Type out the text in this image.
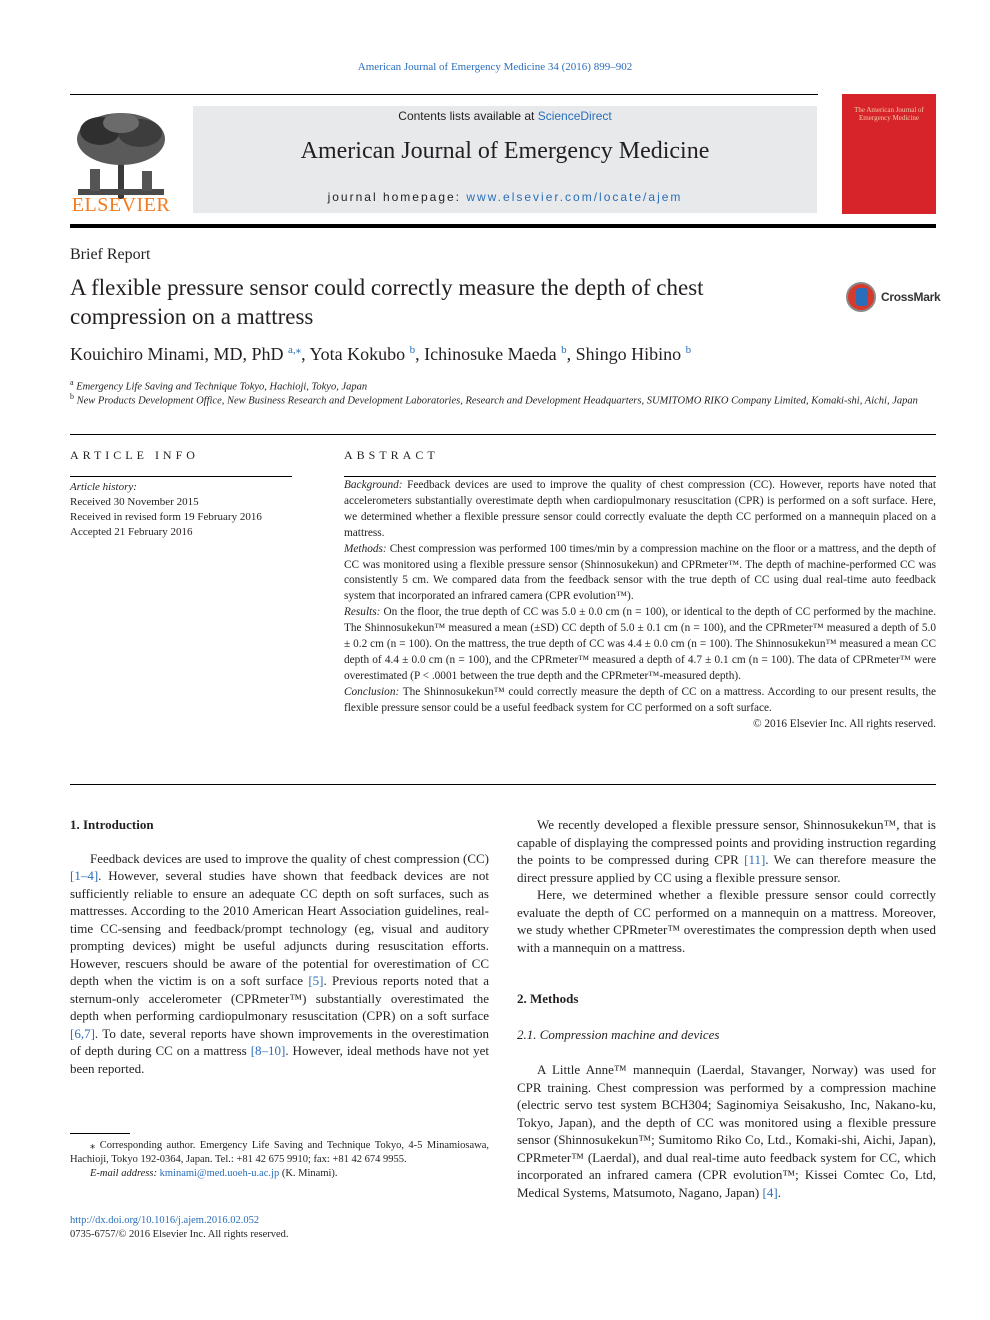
American Journal of Emergency Medicine 34 (2016) 899–902
ELSEVIER
Contents lists available at ScienceDirect
American Journal of Emergency Medicine
journal homepage: www.elsevier.com/locate/ajem
The American Journal of Emergency Medicine
Brief Report
A flexible pressure sensor could correctly measure the depth of chest compression on a mattress
CrossMark
Kouichiro Minami, MD, PhD $^{a,⁎}$, Yota Kokubo $^b$, Ichinosuke Maeda $^b$, Shingo Hibino $^b$
$^a$ Emergency Life Saving and Technique Tokyo, Hachioji, Tokyo, Japan
$^b$ New Products Development Office, New Business Research and Development Laboratories, Research and Development Headquarters, SUMITOMO RIKO Company Limited, Komaki-shi, Aichi, Japan
ARTICLE INFO
Article history:
Received 30 November 2015
Received in revised form 19 February 2016
Accepted 21 February 2016
ABSTRACT

Background: Feedback devices are used to improve the quality of chest compression (CC). However, reports have noted that accelerometers substantially overestimate depth when cardiopulmonary resuscitation (CPR) is performed on a soft surface. Here, we determined whether a flexible pressure sensor could correctly evaluate the depth CC performed on a mannequin placed on a mattress.

Methods: Chest compression was performed 100 times/min by a compression machine on the floor or a mattress, and the depth of CC was monitored using a flexible pressure sensor (Shinnosukekun) and CPRmeter™. The depth of machine-performed CC was consistently 5 cm. We compared data from the feedback sensor with the true depth of CC using dual real-time auto feedback system that incorporated an infrared camera (CPR evolution™).

Results: On the floor, the true depth of CC was 5.0 ± 0.0 cm (n = 100), or identical to the depth of CC performed by the machine. The Shinnosukekun™ measured a mean (±SD) CC depth of 5.0 ± 0.1 cm (n = 100), and the CPRmeter™ measured a depth of 5.0 ± 0.2 cm (n = 100). On the mattress, the true depth of CC was 4.4 ± 0.0 cm (n = 100). The Shinnosukekun™ measured a mean CC depth of 4.4 ± 0.0 cm (n = 100), and the CPRmeter™ measured a depth of 4.7 ± 0.1 cm (n = 100). The data of CPRmeter™ were overestimated (P < .0001 between the true depth and the CPRmeter™-measured depth).

Conclusion: The Shinnosukekun™ could correctly measure the depth of CC on a mattress. According to our present results, the flexible pressure sensor could be a useful feedback system for CC performed on a soft surface.

© 2016 Elsevier Inc. All rights reserved.

1. Introduction

Feedback devices are used to improve the quality of chest compression (CC) [1–4]. However, several studies have shown that feedback devices are not sufficiently reliable to ensure an adequate CC depth on soft surfaces, such as mattresses. According to the 2010 American Heart Association guidelines, real-time CC-sensing and feedback/prompt technology (eg, visual and auditory prompting devices) might be useful adjuncts during resuscitation efforts. However, rescuers should be aware of the potential for overestimation of CC depth when the victim is on a soft surface [5]. Previous reports noted that a sternum-only accelerometer (CPRmeter™) substantially overestimated the depth when performing cardiopulmonary resuscitation (CPR) on a soft surface [6,7]. To date, several reports have shown improvements in the overestimation of depth during CC on a mattress [8–10]. However, ideal methods have not yet been reported.

⁎ Corresponding author. Emergency Life Saving and Technique Tokyo, 4-5 Minamiosawa, Hachioji, Tokyo 192-0364, Japan. Tel.: +81 42 675 9910; fax: +81 42 674 9955.
E-mail address: kminami@med.uoeh-u.ac.jp (K. Minami).
http://dx.doi.org/10.1016/j.ajem.2016.02.052
0735-6757/© 2016 Elsevier Inc. All rights reserved.

We recently developed a flexible pressure sensor, Shinnosukekun™, that is capable of displaying the compressed points and providing instruction regarding the points to be compressed during CPR [11]. We can therefore measure the direct pressure applied by CC using a flexible pressure sensor.

Here, we determined whether a flexible pressure sensor could correctly evaluate the depth of CC performed on a mannequin on a mattress. Moreover, we study whether CPRmeter™ overestimates the compression depth when used with a mannequin on a mattress.

2. Methods

2.1. Compression machine and devices

A Little Anne™ mannequin (Laerdal, Stavanger, Norway) was used for CPR training. Chest compression was performed by a compression machine (electric servo test system BCH304; Saginomiya Seisakusho, Inc, Nakano-ku, Tokyo, Japan), and the depth of CC was monitored using a flexible pressure sensor (Shinnosukekun™; Sumitomo Riko Co, Ltd., Komaki-shi, Aichi, Japan), CPRmeter™ (Laerdal), and dual real-time auto feedback system for CC, which incorporated an infrared camera (CPR evolution™; Kissei Comtec Co, Ltd, Medical Systems, Matsumoto, Nagano, Japan) [4].
